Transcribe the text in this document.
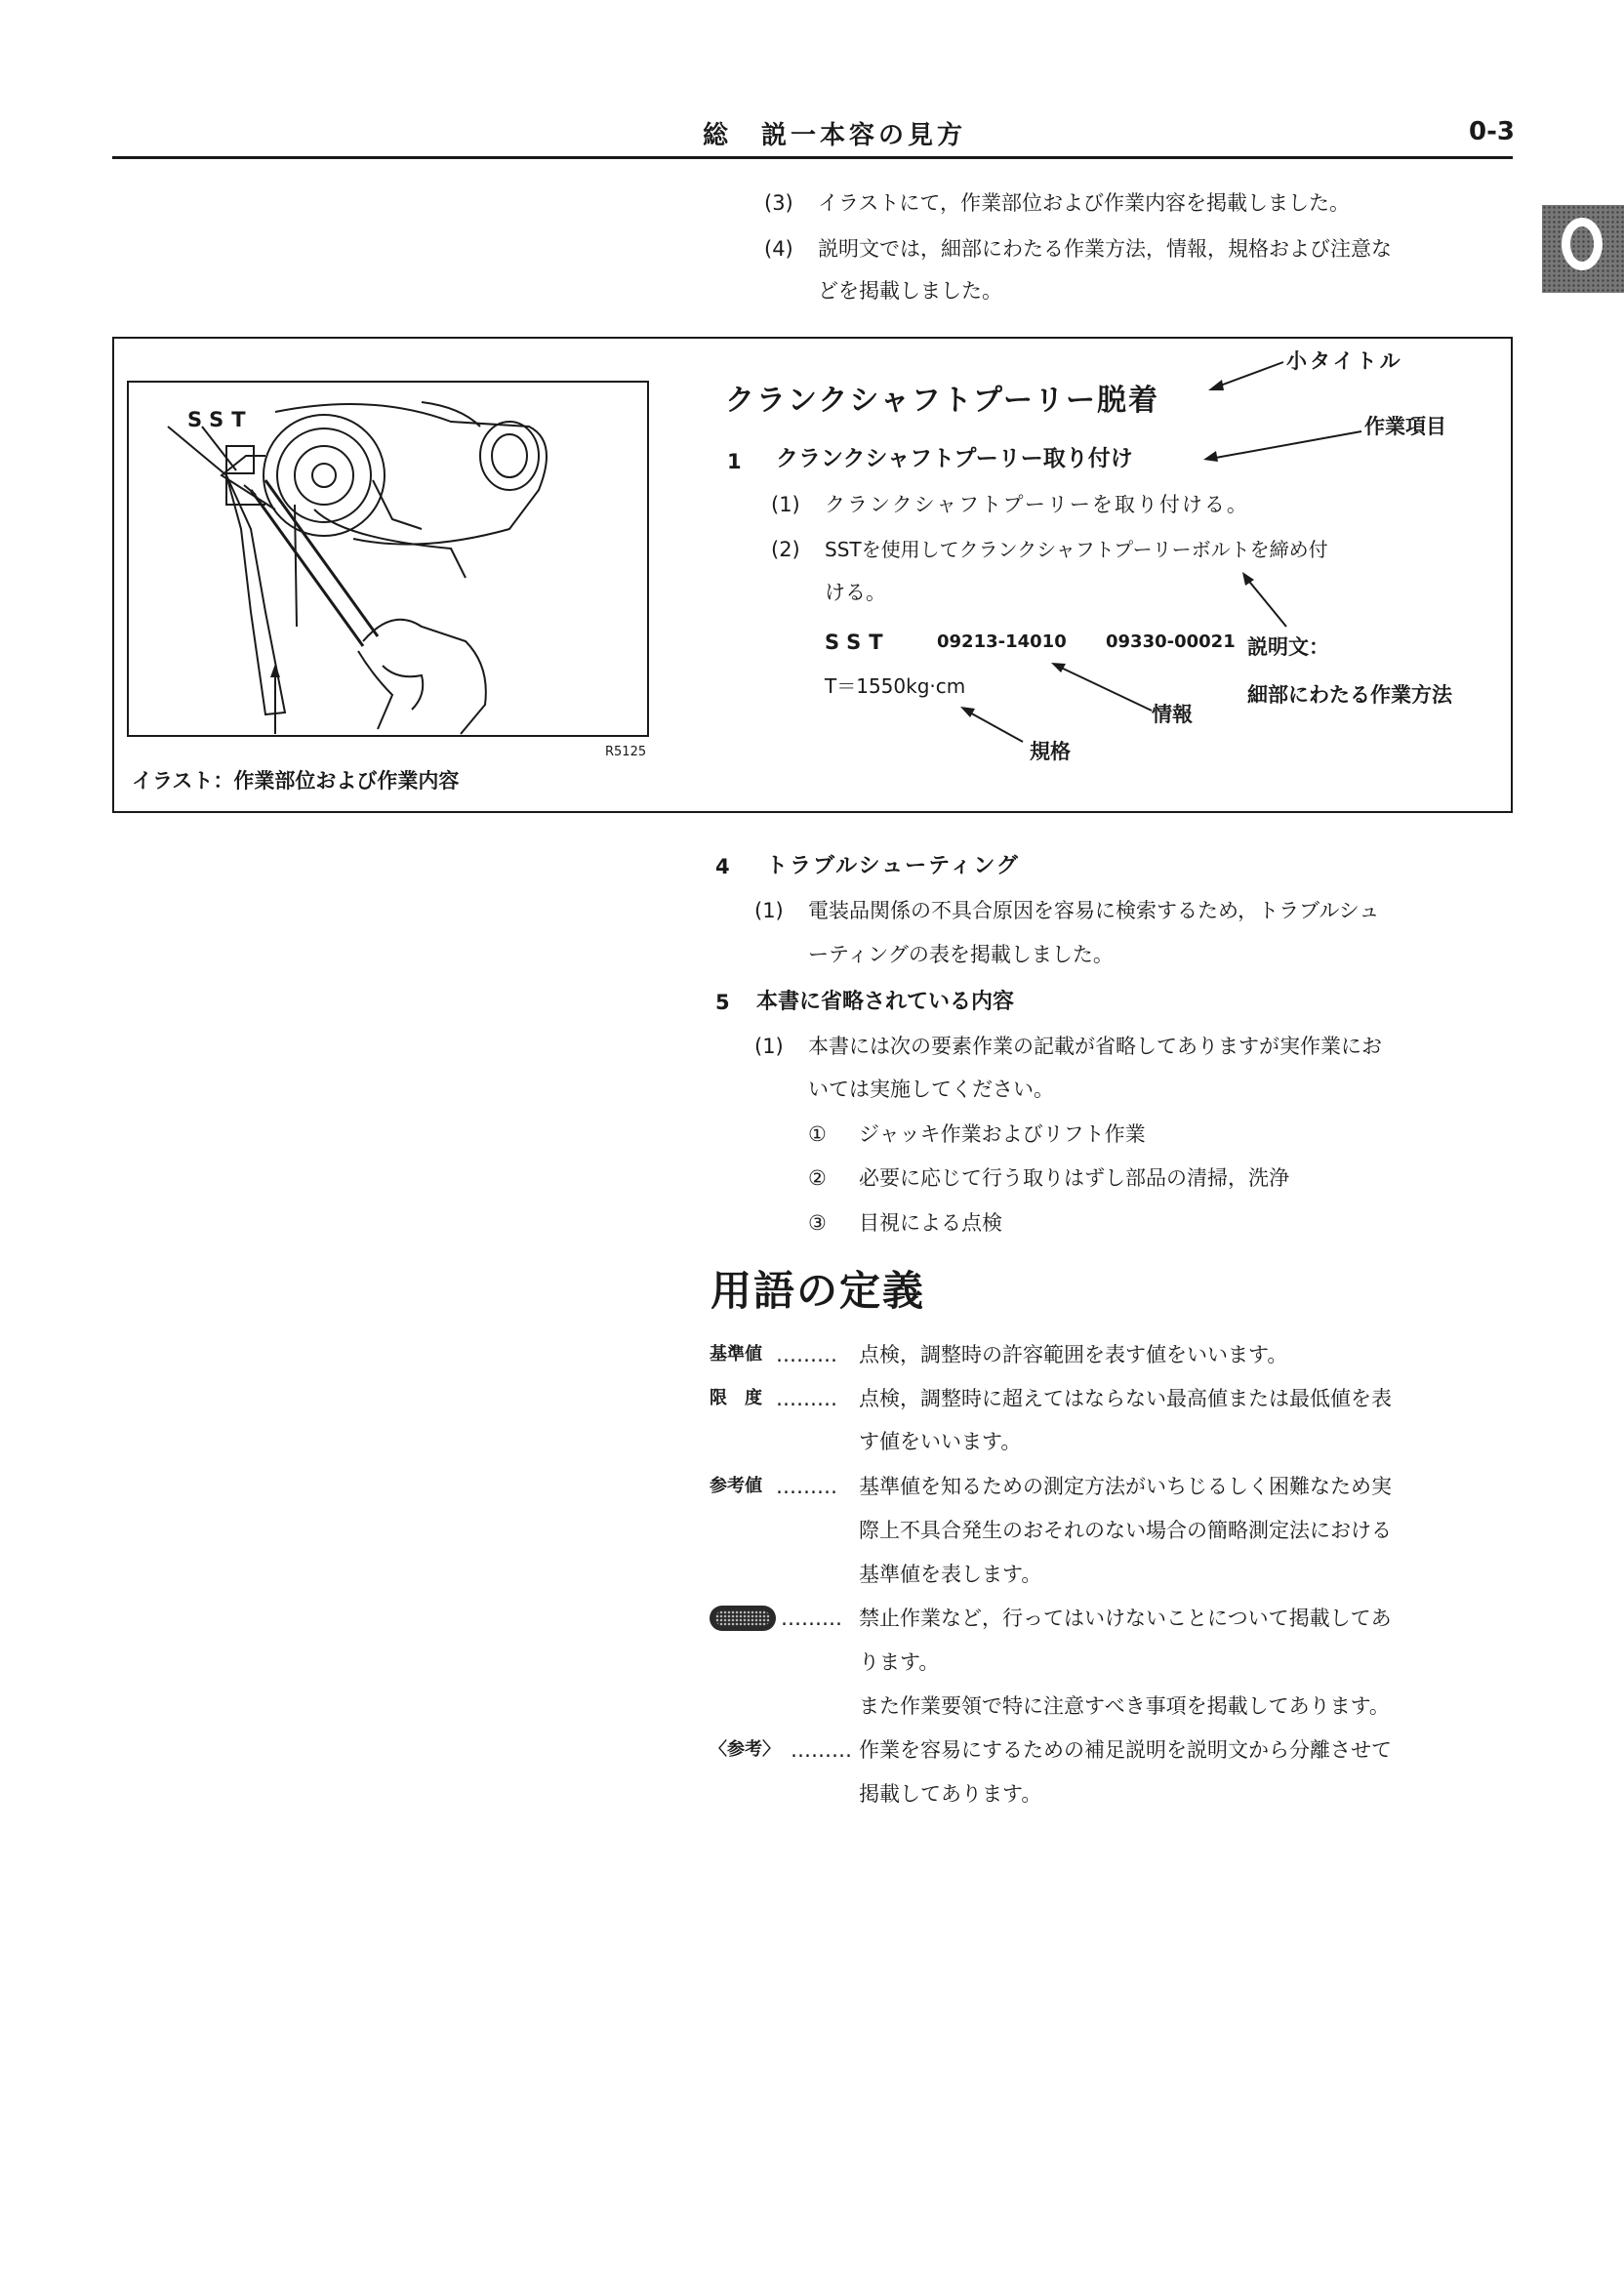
総　説一本容の見方	0-3
(3) イラストにて，作業部位および作業内容を掲載しました。
(4) 説明文では，細部にわたる作業方法，情報，規格および注意な
どを掲載しました。
SST
R5125
イラスト：作業部位および作業内容
クランクシャフトプーリー脱着
小タイトル
1 クランクシャフトプーリー取り付け
作業項目
(1) クランクシャフトプーリーを取り付ける。
(2) SSTを使用してクランクシャフトプーリーボルトを締め付
ける。
SST	09213-14010 09330-00021 説明文：
細部にわたる作業方法
T＝1550kg·cm
情報
規格
4 トラブルシューティング
(1) 電装品関係の不具合原因を容易に検索するため，トラブルシュ
ーティングの表を掲載しました。
5 本書に省略されている内容
(1) 本書には次の要素作業の記載が省略してありますが実作業にお
いては実施してください。
① ジャッキ作業およびリフト作業
② 必要に応じて行う取りはずし部品の清掃，洗浄
③ 目視による点検
用語の定義
基準値 ……… 点検，調整時の許容範囲を表す値をいいます。
限　度 ……… 点検，調整時に超えてはならない最高値または最低値を表
す値をいいます。
参考値 ……… 基準値を知るための測定方法がいちじるしく困難なため実
際上不具合発生のおそれのない場合の簡略測定法における
基準値を表します。
……… 禁止作業など，行ってはいけないことについて掲載してあ
ります。
また作業要領で特に注意すべき事項を掲載してあります。
〈参考〉 ……… 作業を容易にするための補足説明を説明文から分離させて
掲載してあります。
